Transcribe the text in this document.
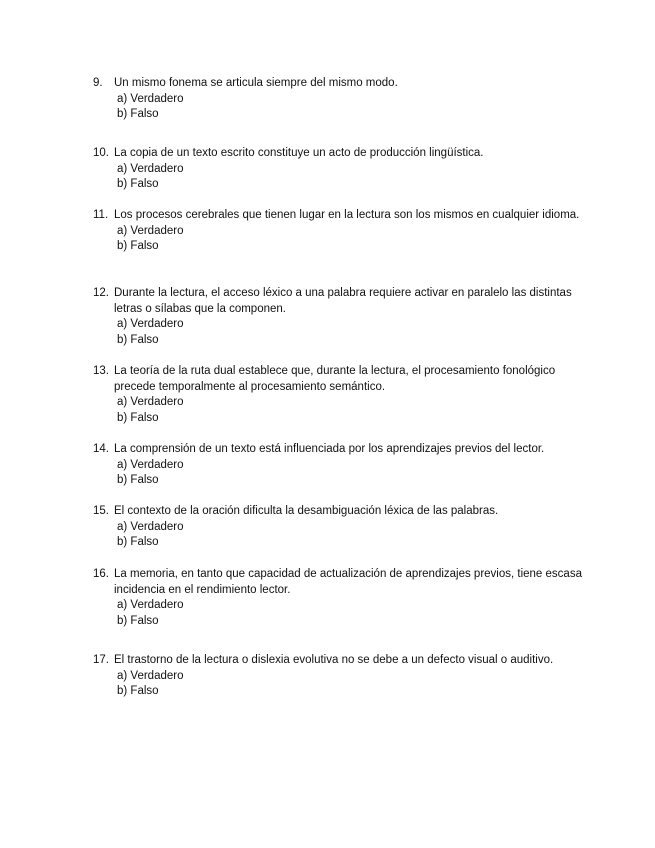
9. Un mismo fonema se articula siempre del mismo modo.
a) Verdadero
b) Falso
10. La copia de un texto escrito constituye un acto de producción lingüística.
a) Verdadero
b) Falso
11. Los procesos cerebrales que tienen lugar en la lectura son los mismos en cualquier idioma.
a) Verdadero
b) Falso
12. Durante la lectura, el acceso léxico a una palabra requiere activar en paralelo las distintas letras o sílabas que la componen.
a) Verdadero
b) Falso
13. La teoría de la ruta dual establece que, durante la lectura, el procesamiento fonológico precede temporalmente al procesamiento semántico.
a) Verdadero
b) Falso
14. La comprensión de un texto está influenciada por los aprendizajes previos del lector.
a) Verdadero
b) Falso
15. El contexto de la oración dificulta la desambiguación léxica de las palabras.
a) Verdadero
b) Falso
16. La memoria, en tanto que capacidad de actualización de aprendizajes previos, tiene escasa incidencia en el rendimiento lector.
a) Verdadero
b) Falso
17. El trastorno de la lectura o dislexia evolutiva no se debe a un defecto visual o auditivo.
a) Verdadero
b) Falso
